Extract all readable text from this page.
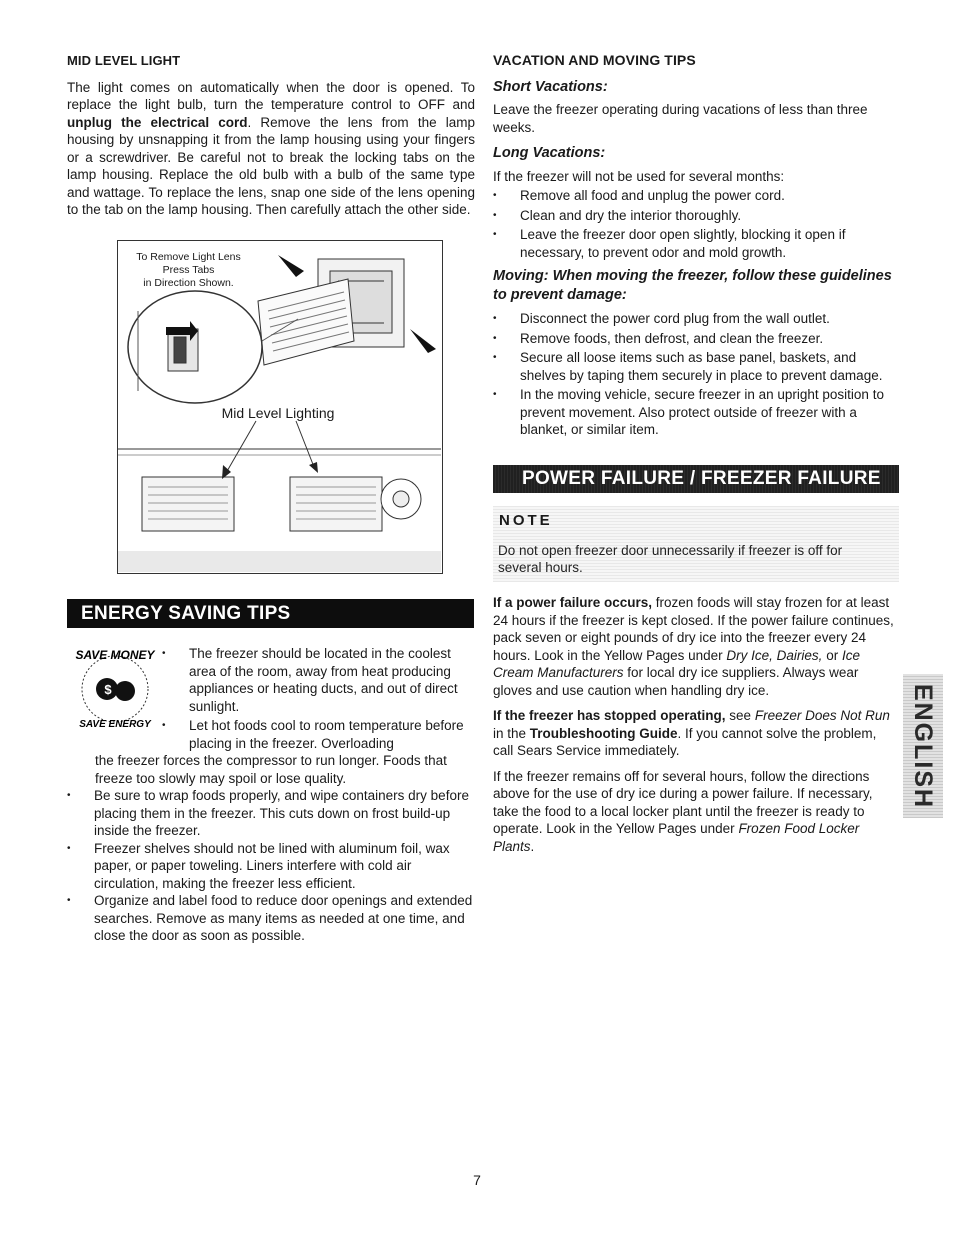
MID LEVEL LIGHT

The light comes on automatically when the door is opened. To replace the light bulb, turn the temperature control to OFF and unplug the electrical cord. Remove the lens from the lamp housing by unsnapping it from the lamp housing using your fingers or a screwdriver. Be careful not to break the locking tabs on the lamp housing. Replace the old bulb with a bulb of the same type and wattage. To replace the lens, snap one side of the lens opening to the tab on the lamp housing. Then carefully attach the other side.

To Remove Light Lens
Press Tabs
in Direction Shown.
Mid Level Lighting
ENERGY SAVING TIPS
SAVE MONEY
SAVE ENERGY
$
• The freezer should be located in the coolest area of the room, away from heat producing appliances or heating ducts, and out of direct sunlight.
• Let hot foods cool to room temperature before placing in the freezer. Overloading

the freezer forces the compressor to run longer. Foods that freeze too slowly may spoil or lose quality.

• Be sure to wrap foods properly, and wipe containers dry before placing them in the freezer. This cuts down on frost build-up inside the freezer.
• Freezer shelves should not be lined with aluminum foil, wax paper, or paper toweling. Liners interfere with cold air circulation, making the freezer less efficient.
• Organize and label food to reduce door openings and extended searches. Remove as many items as needed at one time, and close the door as soon as possible.
VACATION AND MOVING TIPS
Short Vacations:

Leave the freezer operating during vacations of less than three weeks.

Long Vacations:

If the freezer will not be used for several months:

• Remove all food and unplug the power cord.
• Clean and dry the interior thoroughly.
• Leave the freezer door open slightly, blocking it open if necessary, to prevent odor and mold growth.
Moving: When moving the freezer, follow these guidelines to prevent damage:
• Disconnect the power cord plug from the wall outlet.
• Remove foods, then defrost, and clean the freezer.
• Secure all loose items such as base panel, baskets, and shelves by taping them securely in place to prevent damage.
• In the moving vehicle, secure freezer in an upright position to prevent movement. Also protect outside of freezer with a blanket, or similar item.
POWER FAILURE / FREEZER FAILURE
NOTE
Do not open freezer door unnecessarily if freezer is off for several hours.

If a power failure occurs, frozen foods will stay frozen for at least 24 hours if the freezer is kept closed. If the power failure continues, pack seven or eight pounds of dry ice into the freezer every 24 hours. Look in the Yellow Pages under Dry Ice, Dairies, or Ice Cream Manufacturers for local dry ice suppliers. Always wear gloves and use caution when handling dry ice.

If the freezer has stopped operating, see Freezer Does Not Run in the Troubleshooting Guide. If you cannot solve the problem, call Sears Service immediately.

If the freezer remains off for several hours, follow the directions above for the use of dry ice during a power failure. If necessary, take the food to a local locker plant until the freezer is ready to operate. Look in the Yellow Pages under Frozen Food Locker Plants.

ENGLISH
7
